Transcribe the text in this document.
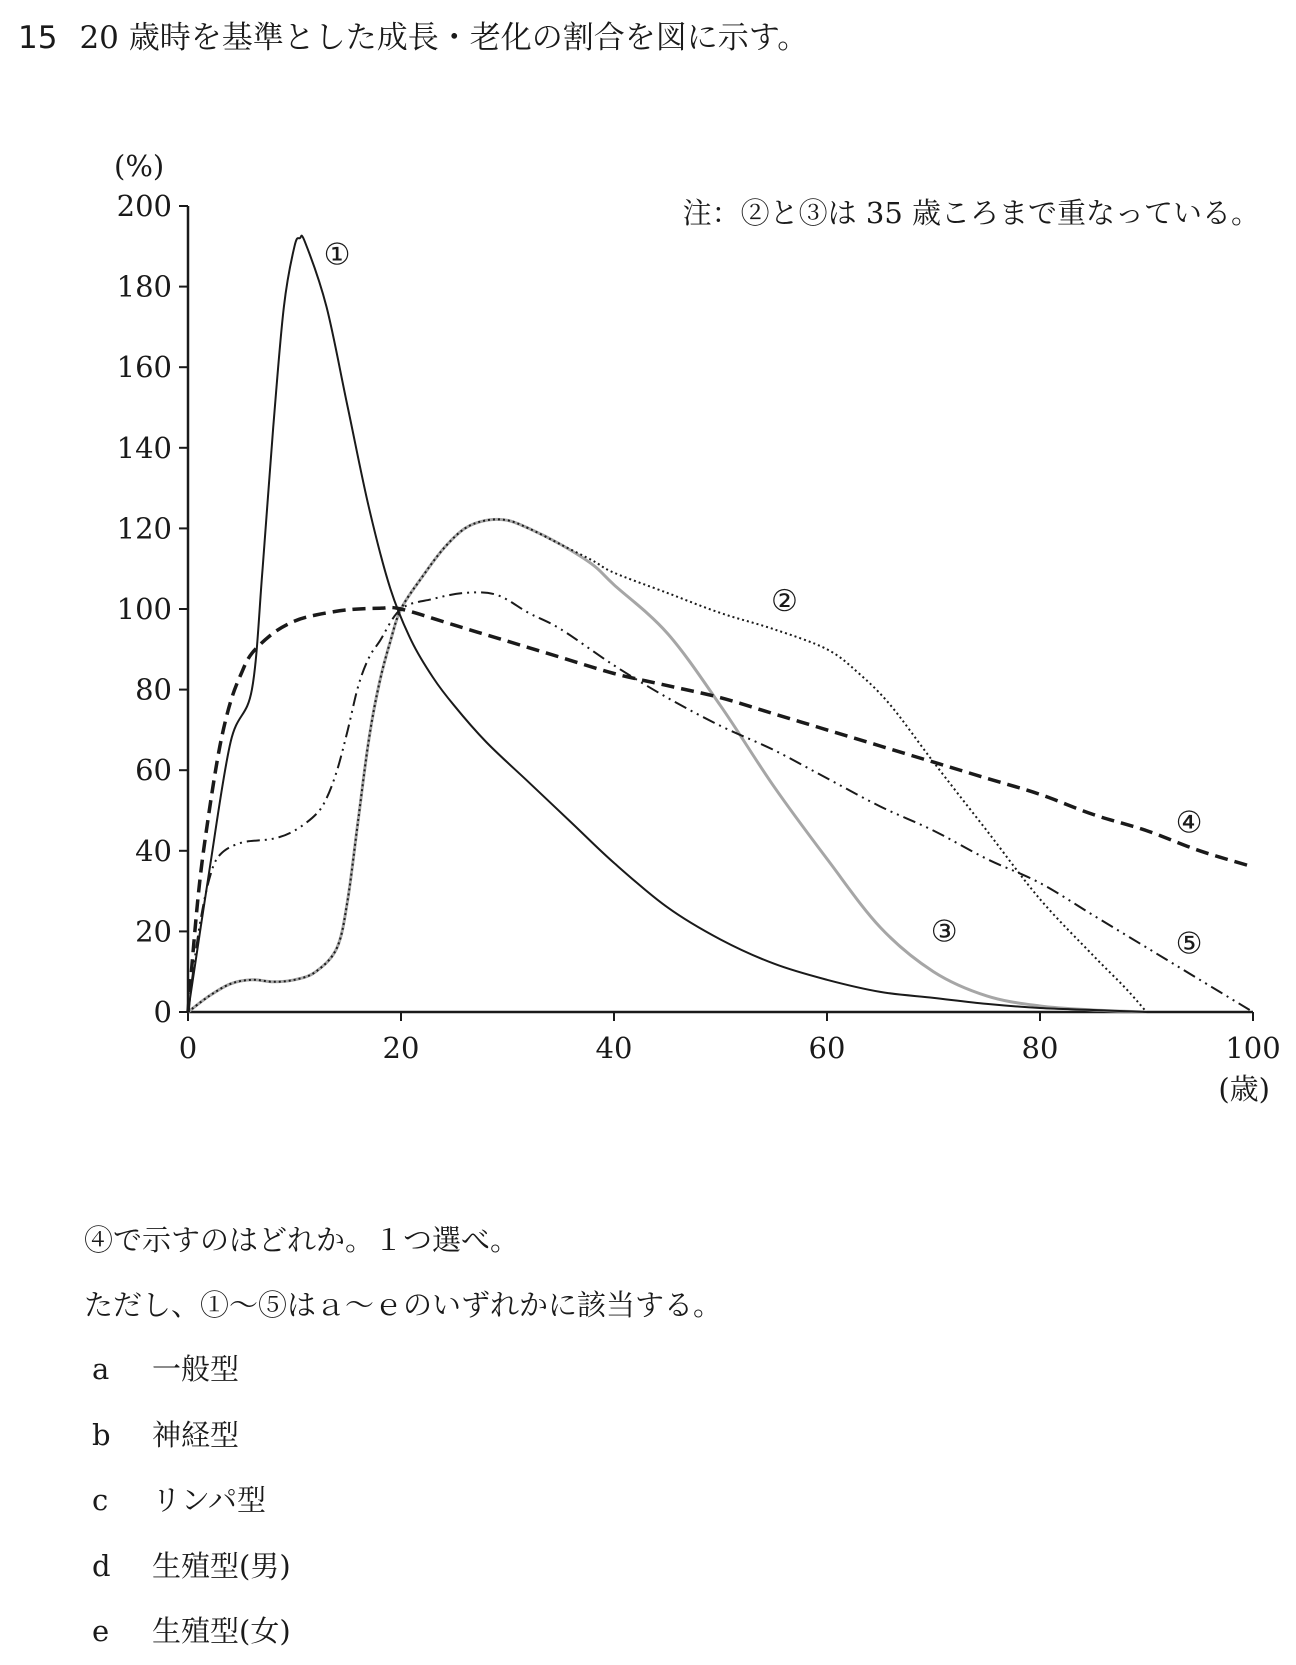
15 20 歳時を基準とした成長・老化の割合を図に示す。
0
20
40
60
80
100
120
140
160
180
200
0	20	40	60	80	100
(%)
(歳)
注：②と③は 35 歳ころまで重なっている。
①
②
③
④
⑤

④で示すのはどれか。１つ選べ。

ただし、①～⑤はａ～ｅのいずれかに該当する。

a 一般型
b 神経型
c リンパ型
d 生殖型(男)
e 生殖型(女)
